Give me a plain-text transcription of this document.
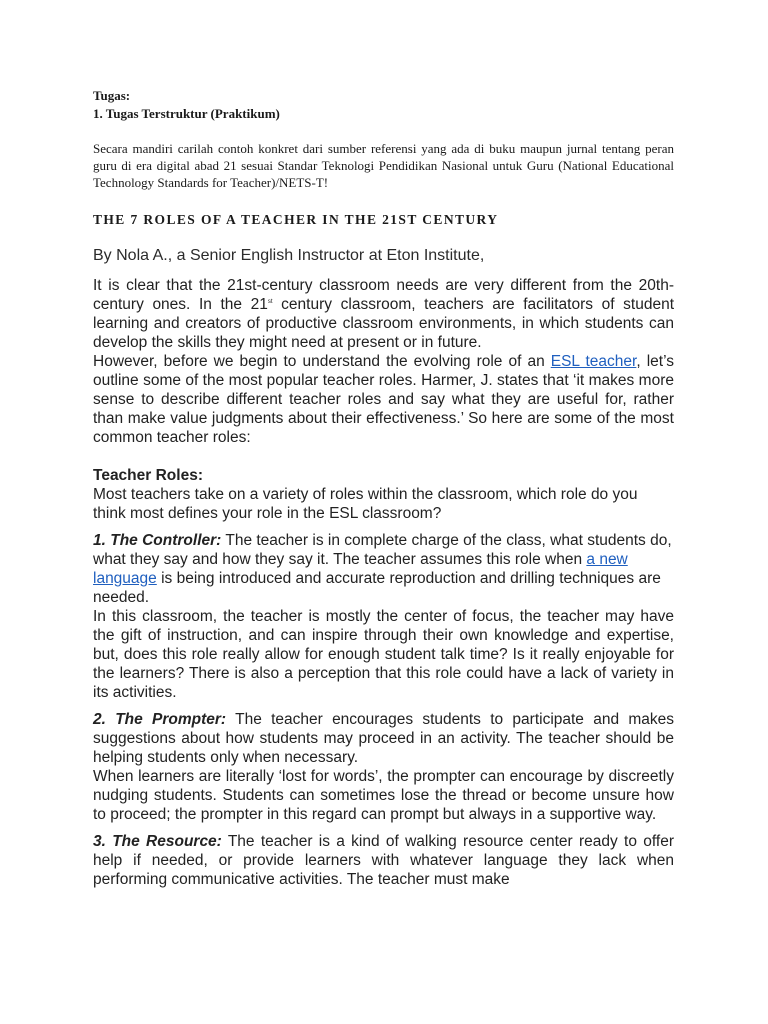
Tugas:
1. Tugas Terstruktur (Praktikum)
Secara mandiri carilah contoh konkret dari sumber referensi yang ada di buku maupun jurnal tentang peran guru di era digital abad 21 sesuai Standar Teknologi Pendidikan Nasional untuk Guru (National Educational Technology Standards for Teacher)/NETS-T!
THE 7 ROLES OF A TEACHER IN THE 21ST CENTURY
By Nola A., a Senior English Instructor at Eton Institute,

It is clear that the 21st-century classroom needs are very different from the 20th-century ones. In the 21st century classroom, teachers are facilitators of student learning and creators of productive classroom environments, in which students can develop the skills they might need at present or in future.

However, before we begin to understand the evolving role of an ESL teacher, let’s outline some of the most popular teacher roles. Harmer, J. states that ‘it makes more sense to describe different teacher roles and say what they are useful for, rather than make value judgments about their effectiveness.’ So here are some of the most common teacher roles:

Teacher Roles:

Most teachers take on a variety of roles within the classroom, which role do you think most defines your role in the ESL classroom?

1. The Controller: The teacher is in complete charge of the class, what students do, what they say and how they say it. The teacher assumes this role when a new language is being introduced and accurate reproduction and drilling techniques are needed.

In this classroom, the teacher is mostly the center of focus, the teacher may have the gift of instruction, and can inspire through their own knowledge and expertise, but, does this role really allow for enough student talk time? Is it really enjoyable for the learners? There is also a perception that this role could have a lack of variety in its activities.

2. The Prompter: The teacher encourages students to participate and makes suggestions about how students may proceed in an activity. The teacher should be helping students only when necessary.

When learners are literally ‘lost for words’, the prompter can encourage by discreetly nudging students. Students can sometimes lose the thread or become unsure how to proceed; the prompter in this regard can prompt but always in a supportive way.

3. The Resource: The teacher is a kind of walking resource center ready to offer help if needed, or provide learners with whatever language they lack when performing communicative activities. The teacher must make
